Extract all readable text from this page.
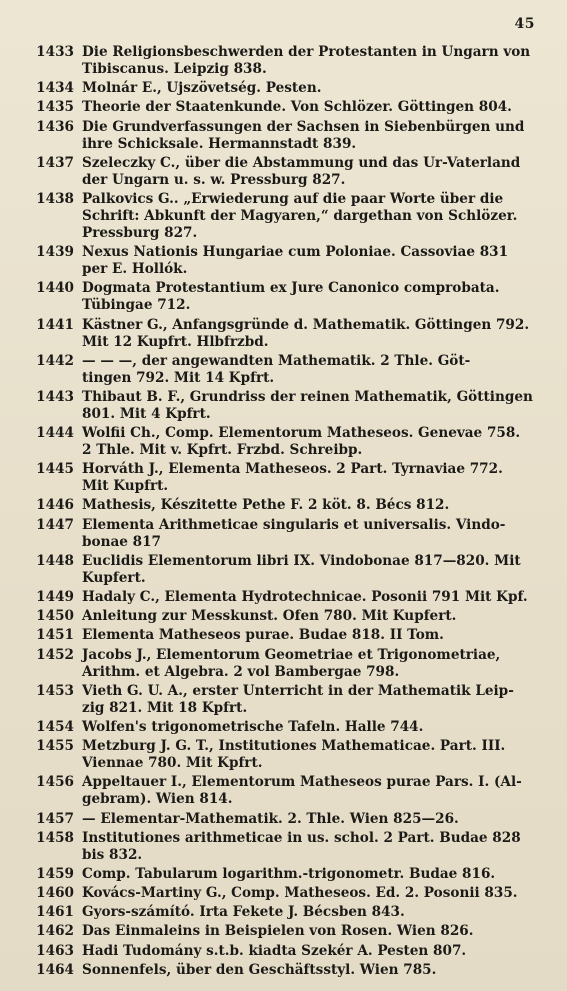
45
1433 Die Religionsbeschwerden der Protestanten in Ungarn von
Tibiscanus. Leipzig 838.
1434 Molnár E., Ujszövetség. Pesten.
1435 Theorie der Staatenkunde. Von Schlözer. Göttingen 804.
1436 Die Grundverfassungen der Sachsen in Siebenbürgen und
ihre Schicksale. Hermannstadt 839.
1437 Szeleczky C., über die Abstammung und das Ur-Vaterland
der Ungarn u. s. w. Pressburg 827.
1438 Palkovics G.. „Erwiederung auf die paar Worte über die
Schrift: Abkunft der Magyaren,“ dargethan von Schlözer.
Pressburg 827.
1439 Nexus Nationis Hungariae cum Poloniae. Cassoviae 831
per E. Hollók.
1440 Dogmata Protestantium ex Jure Canonico comprobata.
Tübingae 712.
1441 Kästner G., Anfangsgründe d. Mathematik. Göttingen 792.
Mit 12 Kupfrt. Hlbfrzbd.
1442 — — —, der angewandten Mathematik. 2 Thle. Göt-
tingen 792. Mit 14 Kpfrt.
1443 Thibaut B. F., Grundriss der reinen Mathematik, Göttingen
801. Mit 4 Kpfrt.
1444 Wolfii Ch., Comp. Elementorum Matheseos. Genevae 758.
2 Thle. Mit v. Kpfrt. Frzbd. Schreibp.
1445 Horváth J., Elementa Matheseos. 2 Part. Tyrnaviae 772.
Mit Kupfrt.
1446 Mathesis, Készitette Pethe F. 2 köt. 8. Bécs 812.
1447 Elementa Arithmeticae singularis et universalis. Vindo-
bonae 817
1448 Euclidis Elementorum libri IX. Vindobonae 817—820. Mit
Kupfert.
1449 Hadaly C., Elementa Hydrotechnicae. Posonii 791 Mit Kpf.
1450 Anleitung zur Messkunst. Ofen 780. Mit Kupfert.
1451 Elementa Matheseos purae. Budae 818. II Tom.
1452 Jacobs J., Elementorum Geometriae et Trigonometriae,
Arithm. et Algebra. 2 vol Bambergae 798.
1453 Vieth G. U. A., erster Unterricht in der Mathematik Leip-
zig 821. Mit 18 Kpfrt.
1454 Wolfen's trigonometrische Tafeln. Halle 744.
1455 Metzburg J. G. T., Institutiones Mathematicae. Part. III.
Viennae 780. Mit Kpfrt.
1456 Appeltauer I., Elementorum Matheseos purae Pars. I. (Al-
gebram). Wien 814.
1457 — Elementar-Mathematik. 2. Thle. Wien 825—26.
1458 Institutiones arithmeticae in us. schol. 2 Part. Budae 828
bis 832.
1459 Comp. Tabularum logarithm.-trigonometr. Budae 816.
1460 Kovács-Martiny G., Comp. Matheseos. Ed. 2. Posonii 835.
1461 Gyors-számító. Irta Fekete J. Bécsben 843.
1462 Das Einmaleins in Beispielen von Rosen. Wien 826.
1463 Hadi Tudomány s.t.b. kiadta Szekér A. Pesten 807.
1464 Sonnenfels, über den Geschäftsstyl. Wien 785.
